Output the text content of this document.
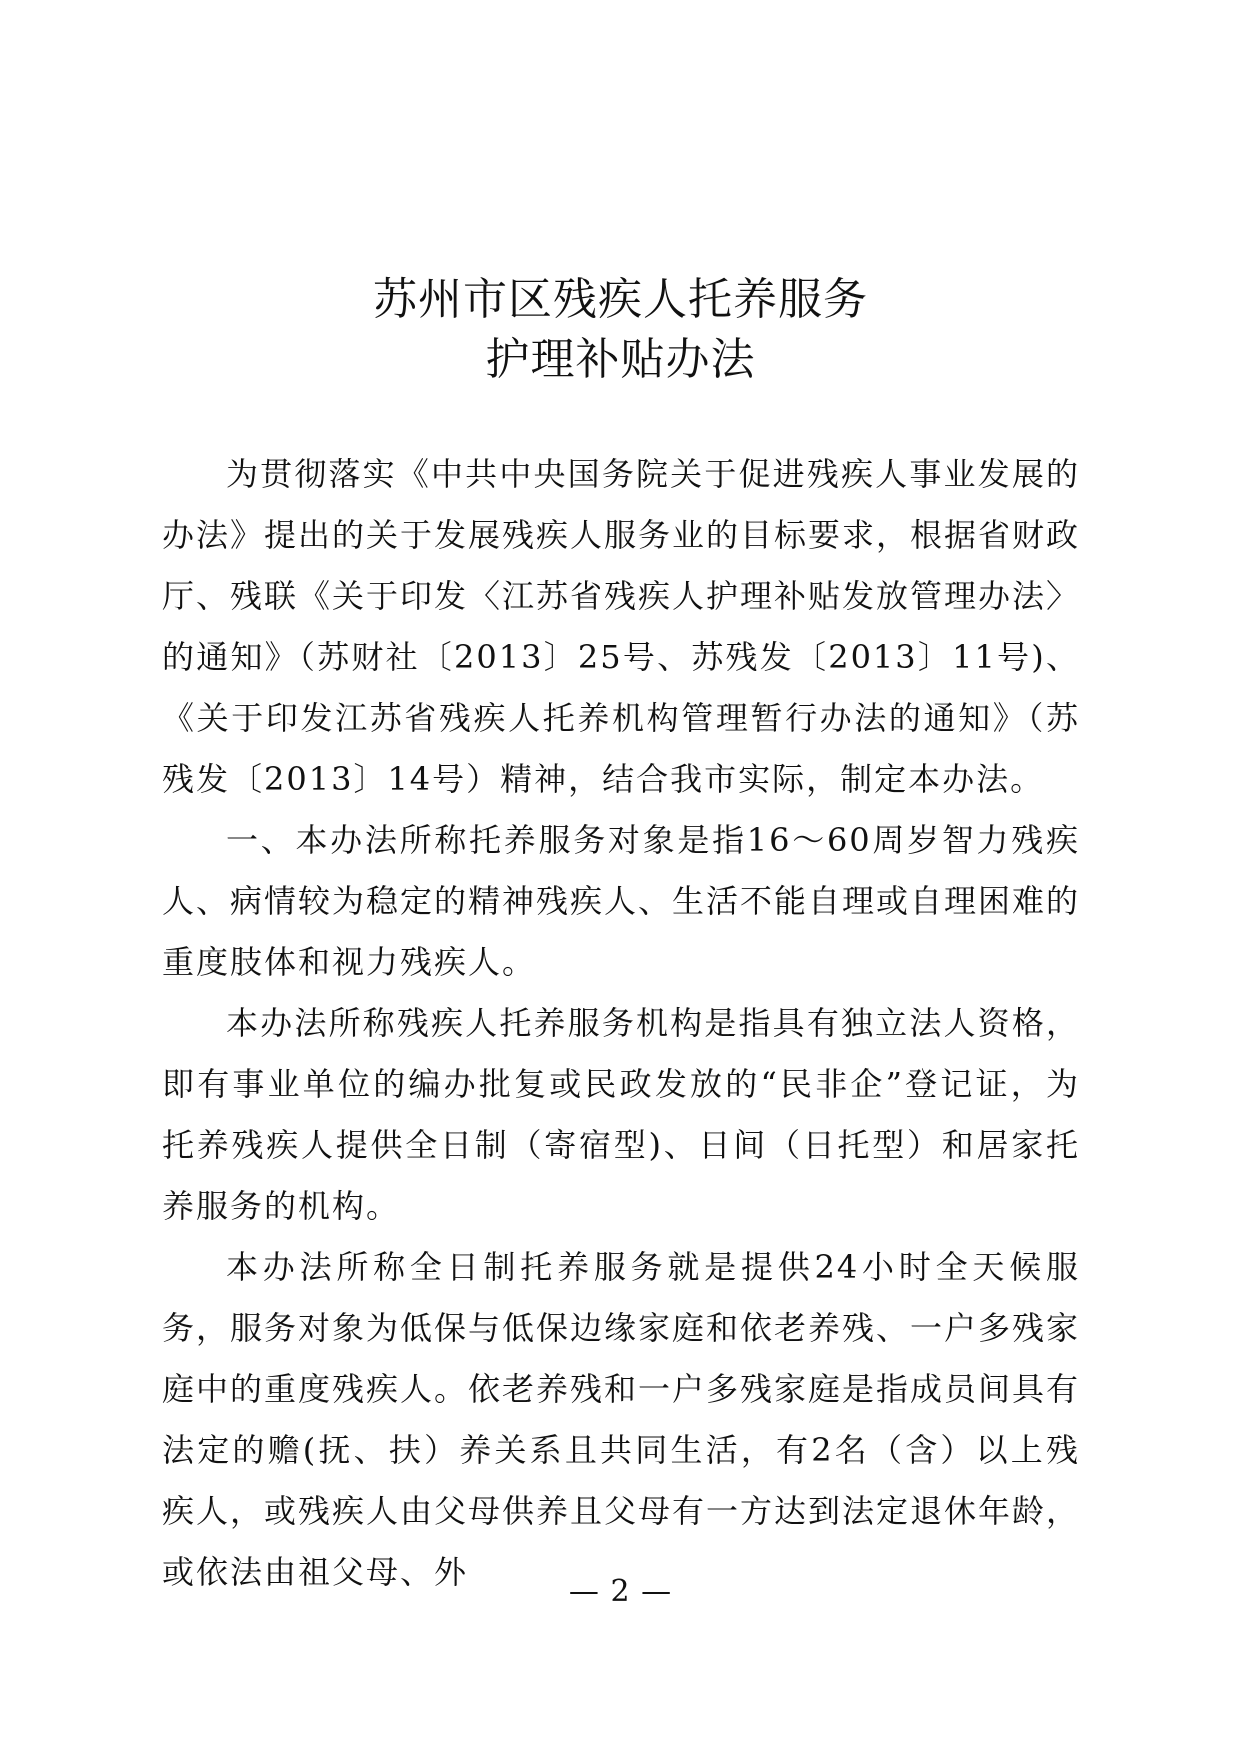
苏州市区残疾人托养服务
护理补贴办法

为贯彻落实《中共中央国务院关于促进残疾人事业发展的办法》提出的关于发展残疾人服务业的目标要求，根据省财政厅、残联《关于印发〈江苏省残疾人护理补贴发放管理办法〉的通知》（苏财社〔2013〕25号、苏残发〔2013〕11号)、《关于印发江苏省残疾人托养机构管理暂行办法的通知》（苏残发〔2013〕14号）精神，结合我市实际，制定本办法。

一、本办法所称托养服务对象是指16～60周岁智力残疾人、病情较为稳定的精神残疾人、生活不能自理或自理困难的重度肢体和视力残疾人。

本办法所称残疾人托养服务机构是指具有独立法人资格，即有事业单位的编办批复或民政发放的“民非企”登记证，为托养残疾人提供全日制（寄宿型)、日间（日托型）和居家托养服务的机构。

本办法所称全日制托养服务就是提供24小时全天候服务，服务对象为低保与低保边缘家庭和依老养残、一户多残家庭中的重度残疾人。依老养残和一户多残家庭是指成员间具有法定的赡(抚、扶）养关系且共同生活，有2名（含）以上残疾人，或残疾人由父母供养且父母有一方达到法定退休年龄，或依法由祖父母、外

— 2 —
